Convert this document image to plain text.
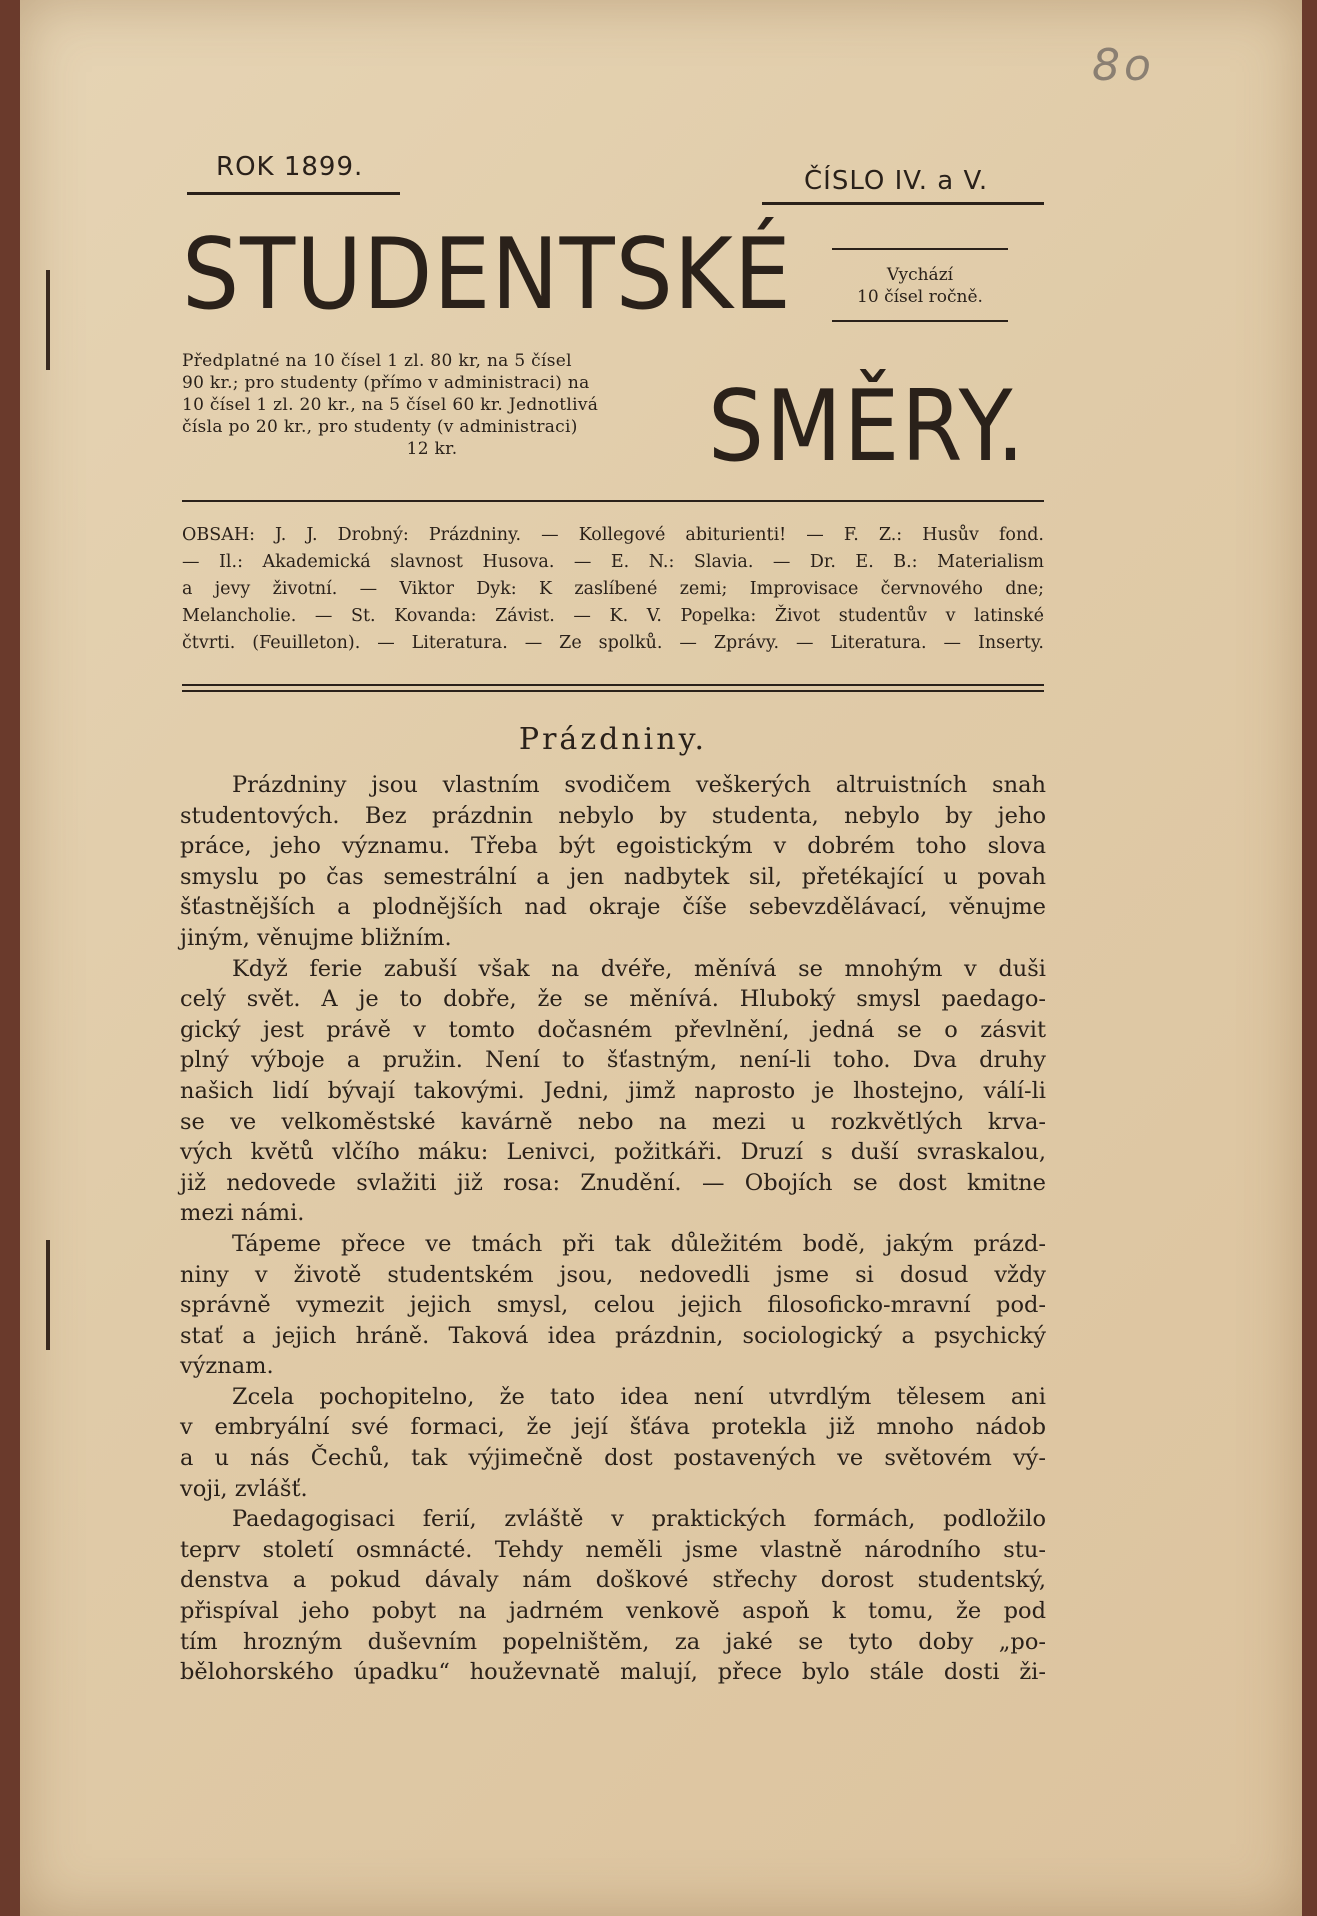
8o
ROK 1899.	ČÍSLO IV. a V.
STUDENTSKÉ	Vychází
10 čísel ročně.
Předplatné na 10 čísel 1 zl. 80 kr, na 5 čísel
90 kr.; pro studenty (přímo v administraci) na
10 čísel 1 zl. 20 kr., na 5 čísel 60 kr. Jednotlivá
čísla po 20 kr., pro studenty (v administraci)
12 kr.	SMĚRY.
OBSAH: J. J. Drobný: Prázdniny. — Kollegové abiturienti! — F. Z.: Husův fond.
— Il.: Akademická slavnost Husova. — E. N.: Slavia. — Dr. E. B.: Materialism
a jevy životní. — Viktor Dyk: K zaslíbené zemi; Improvisace červnového dne;
Melancholie. — St. Kovanda: Závist. — K. V. Popelka: Život studentův v latinské
čtvrti. (Feuilleton). — Literatura. — Ze spolků. — Zprávy. — Literatura. — Inserty.
Prázdniny.
Prázdniny jsou vlastním svodičem veškerých altruistních snah
studentových. Bez prázdnin nebylo by studenta, nebylo by jeho
práce, jeho významu. Třeba být egoistickým v dobrém toho slova
smyslu po čas semestrální a jen nadbytek sil, přetékající u povah
šťastnějších a plodnějších nad okraje číše sebevzdělávací, věnujme
jiným, věnujme bližním.
Když ferie zabuší však na dvéře, měnívá se mnohým v duši
celý svět. A je to dobře, že se měnívá. Hluboký smysl paedago-
gický jest právě v tomto dočasném převlnění, jedná se o zásvit
plný výboje a pružin. Není to šťastným, není-li toho. Dva druhy
našich lidí bývají takovými. Jedni, jimž naprosto je lhostejno, válí-li
se ve velkoměstské kavárně nebo na mezi u rozkvětlých krva-
vých květů vlčího máku: Lenivci, požitkáři. Druzí s duší svraskalou,
již nedovede svlažiti již rosa: Znudění. — Obojích se dost kmitne
mezi námi.
Tápeme přece ve tmách při tak důležitém bodě, jakým prázd-
niny v životě studentském jsou, nedovedli jsme si dosud vždy
správně vymezit jejich smysl, celou jejich filosoficko-mravní pod-
stať a jejich hráně. Taková idea prázdnin, sociologický a psychický
význam.
Zcela pochopitelno, že tato idea není utvrdlým tělesem ani
v embryální své formaci, že její šťáva protekla již mnoho nádob
a u nás Čechů, tak výjimečně dost postavených ve světovém vý-
voji, zvlášť.
Paedagogisaci ferií, zvláště v praktických formách, podložilo
teprv století osmnácté. Tehdy neměli jsme vlastně národního stu-
denstva a pokud dávaly nám doškové střechy dorost studentský,
přispíval jeho pobyt na jadrném venkově aspoň k tomu, že pod
tím hrozným duševním popelništěm, za jaké se tyto doby „po-
bělohorského úpadku“ houževnatě malují, přece bylo stále dosti ži-
